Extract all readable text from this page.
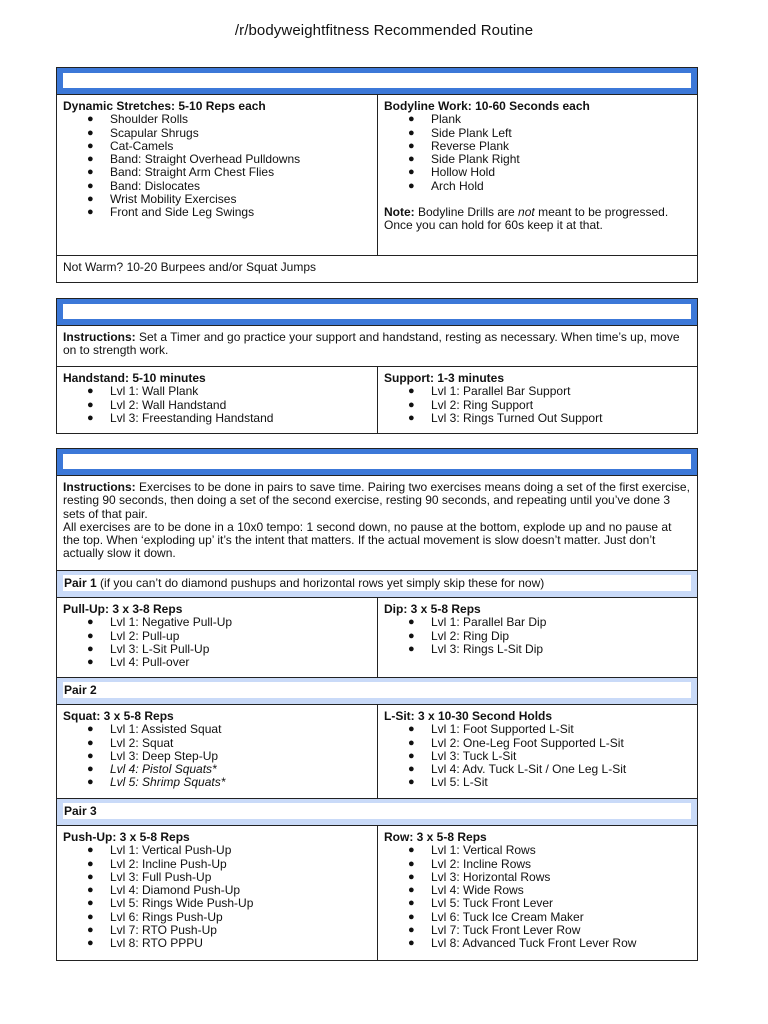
/r/bodyweightfitness Recommended Routine
Dynamic Stretches: 5-10 Reps each
● Shoulder Rolls
● Scapular Shrugs
● Cat-Camels
● Band: Straight Overhead Pulldowns
● Band: Straight Arm Chest Flies
● Band: Dislocates
● Wrist Mobility Exercises
● Front and Side Leg Swings
Bodyline Work: 10-60 Seconds each
● Plank
● Side Plank Left
● Reverse Plank
● Side Plank Right
● Hollow Hold
● Arch Hold
Note: Bodyline Drills are not meant to be progressed. Once you can hold for 60s keep it at that.
Not Warm? 10-20 Burpees and/or Squat Jumps
Instructions: Set a Timer and go practice your support and handstand, resting as necessary. When time’s up, move on to strength work.
Handstand: 5-10 minutes
● Lvl 1: Wall Plank
● Lvl 2: Wall Handstand
● Lvl 3: Freestanding Handstand
Support: 1-3 minutes
● Lvl 1: Parallel Bar Support
● Lvl 2: Ring Support
● Lvl 3: Rings Turned Out Support
Instructions: Exercises to be done in pairs to save time. Pairing two exercises means doing a set of the first exercise, resting 90 seconds, then doing a set of the second exercise, resting 90 seconds, and repeating until you’ve done 3 sets of that pair.
All exercises are to be done in a 10x0 tempo: 1 second down, no pause at the bottom, explode up and no pause at the top. When ‘exploding up’ it’s the intent that matters. If the actual movement is slow doesn’t matter. Just don’t actually slow it down.
Pair 1 (if you can’t do diamond pushups and horizontal rows yet simply skip these for now)
Pull-Up: 3 x 3-8 Reps
● Lvl 1: Negative Pull-Up
● Lvl 2: Pull-up
● Lvl 3: L-Sit Pull-Up
● Lvl 4: Pull-over
Dip: 3 x 5-8 Reps
● Lvl 1: Parallel Bar Dip
● Lvl 2: Ring Dip
● Lvl 3: Rings L-Sit Dip
Pair 2
Squat: 3 x 5-8 Reps
● Lvl 1: Assisted Squat
● Lvl 2: Squat
● Lvl 3: Deep Step-Up
● Lvl 4: Pistol Squats*
● Lvl 5: Shrimp Squats*
L-Sit: 3 x 10-30 Second Holds
● Lvl 1: Foot Supported L-Sit
● Lvl 2: One-Leg Foot Supported L-Sit
● Lvl 3: Tuck L-Sit
● Lvl 4: Adv. Tuck L-Sit / One Leg L-Sit
● Lvl 5: L-Sit
Pair 3
Push-Up: 3 x 5-8 Reps
● Lvl 1: Vertical Push-Up
● Lvl 2: Incline Push-Up
● Lvl 3: Full Push-Up
● Lvl 4: Diamond Push-Up
● Lvl 5: Rings Wide Push-Up
● Lvl 6: Rings Push-Up
● Lvl 7: RTO Push-Up
● Lvl 8: RTO PPPU
Row: 3 x 5-8 Reps
● Lvl 1: Vertical Rows
● Lvl 2: Incline Rows
● Lvl 3: Horizontal Rows
● Lvl 4: Wide Rows
● Lvl 5: Tuck Front Lever
● Lvl 6: Tuck Ice Cream Maker
● Lvl 7: Tuck Front Lever Row
● Lvl 8: Advanced Tuck Front Lever Row
